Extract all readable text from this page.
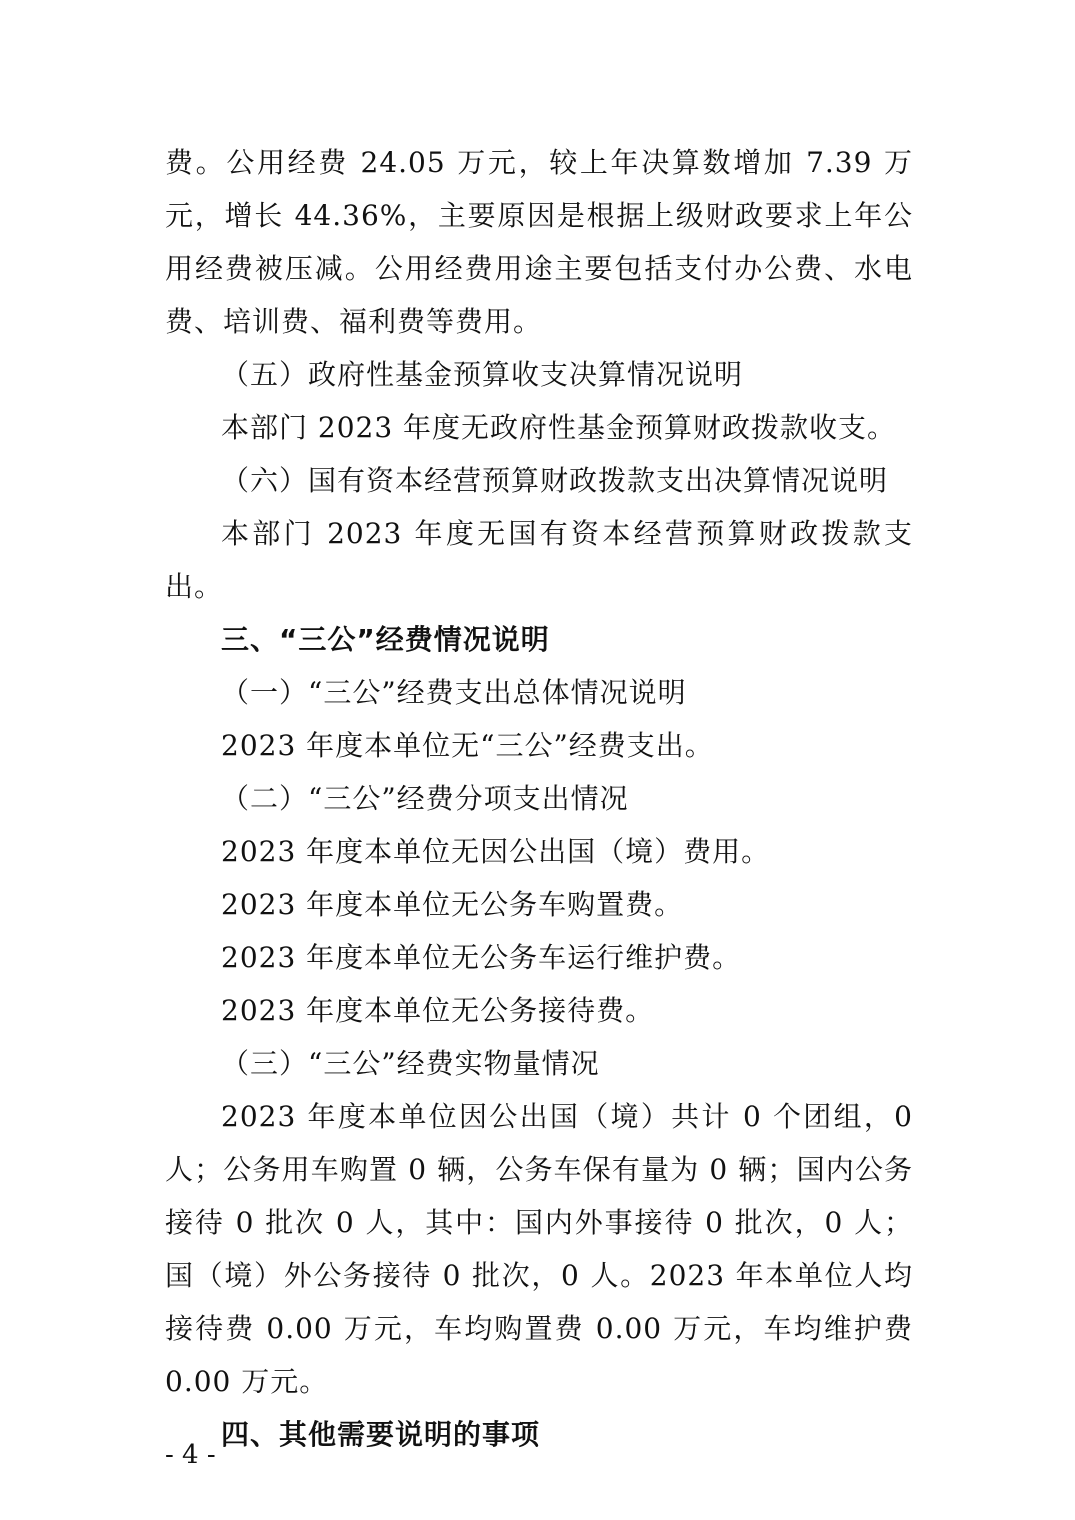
费。公用经费 24.05 万元，较上年决算数增加 7.39 万元，增长 44.36%，主要原因是根据上级财政要求上年公用经费被压减。公用经费用途主要包括支付办公费、水电费、培训费、福利费等费用。

（五）政府性基金预算收支决算情况说明

本部门 2023 年度无政府性基金预算财政拨款收支。

（六）国有资本经营预算财政拨款支出决算情况说明

本部门 2023 年度无国有资本经营预算财政拨款支出。

三、“三公”经费情况说明

（一）“三公”经费支出总体情况说明

2023 年度本单位无“三公”经费支出。

（二）“三公”经费分项支出情况

2023 年度本单位无因公出国（境）费用。

2023 年度本单位无公务车购置费。

2023 年度本单位无公务车运行维护费。

2023 年度本单位无公务接待费。

（三）“三公”经费实物量情况

2023 年度本单位因公出国（境）共计 0 个团组，0 人；公务用车购置 0 辆，公务车保有量为 0 辆；国内公务接待 0 批次 0 人，其中：国内外事接待 0 批次，0 人；国（境）外公务接待 0 批次，0 人。2023 年本单位人均接待费 0.00 万元，车均购置费 0.00 万元，车均维护费 0.00 万元。

四、其他需要说明的事项

- 4 -
